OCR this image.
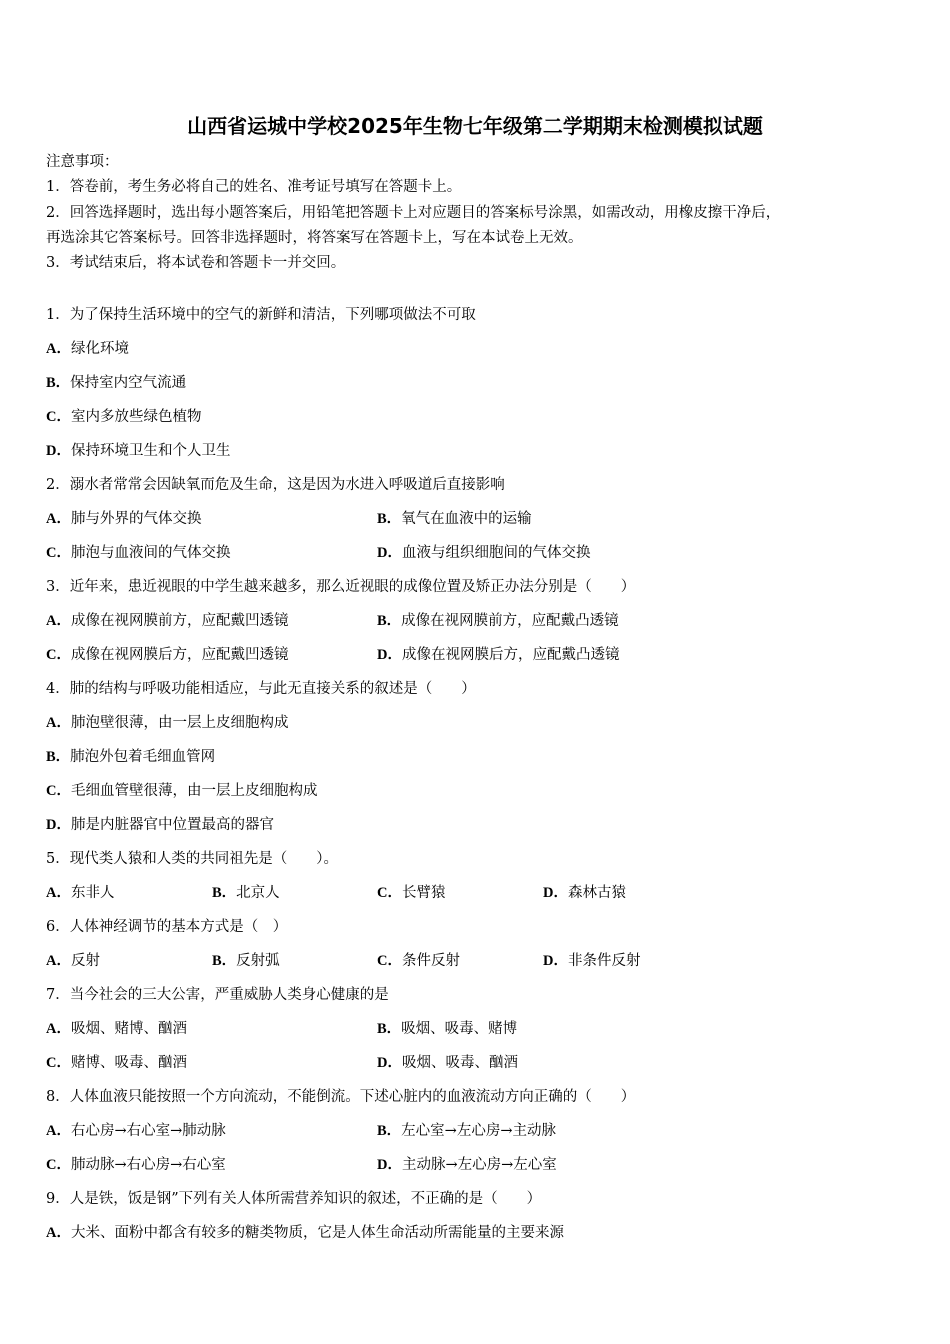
山西省运城中学校2025年生物七年级第二学期期末检测模拟试题
注意事项：
1．答卷前，考生务必将自己的姓名、准考证号填写在答题卡上。
2．回答选择题时，选出每小题答案后，用铅笔把答题卡上对应题目的答案标号涂黑，如需改动，用橡皮擦干净后，
再选涂其它答案标号。回答非选择题时，将答案写在答题卡上，写在本试卷上无效。
3．考试结束后，将本试卷和答题卡一并交回。
1．为了保持生活环境中的空气的新鲜和清洁，下列哪项做法不可取
A．绿化环境
B．保持室内空气流通
C．室内多放些绿色植物
D．保持环境卫生和个人卫生
2．溺水者常常会因缺氧而危及生命，这是因为水进入呼吸道后直接影响
A．肺与外界的气体交换	B．氧气在血液中的运输
C．肺泡与血液间的气体交换	D．血液与组织细胞间的气体交换
3．近年来，患近视眼的中学生越来越多，那么近视眼的成像位置及矫正办法分别是（　　）
A．成像在视网膜前方，应配戴凹透镜	B．成像在视网膜前方，应配戴凸透镜
C．成像在视网膜后方，应配戴凹透镜	D．成像在视网膜后方，应配戴凸透镜
4．肺的结构与呼吸功能相适应，与此无直接关系的叙述是（　　）
A．肺泡壁很薄，由一层上皮细胞构成
B．肺泡外包着毛细血管网
C．毛细血管壁很薄，由一层上皮细胞构成
D．肺是内脏器官中位置最高的器官
5．现代类人猿和人类的共同祖先是（　　）。
A．东非人	B．北京人	C．长臂猿	D．森林古猿
6．人体神经调节的基本方式是（　）
A．反射	B．反射弧	C．条件反射	D．非条件反射
7．当今社会的三大公害，严重威胁人类身心健康的是
A．吸烟、赌博、酗酒	B．吸烟、吸毒、赌博
C．赌博、吸毒、酗酒	D．吸烟、吸毒、酗酒
8．人体血液只能按照一个方向流动，不能倒流。下述心脏内的血液流动方向正确的（　　）
A．右心房→右心室→肺动脉	B．左心室→左心房→主动脉
C．肺动脉→右心房→右心室	D．主动脉→左心房→左心室
9．人是铁，饭是钢”下列有关人体所需营养知识的叙述，不正确的是（　　）
A．大米、面粉中都含有较多的糖类物质，它是人体生命活动所需能量的主要来源
